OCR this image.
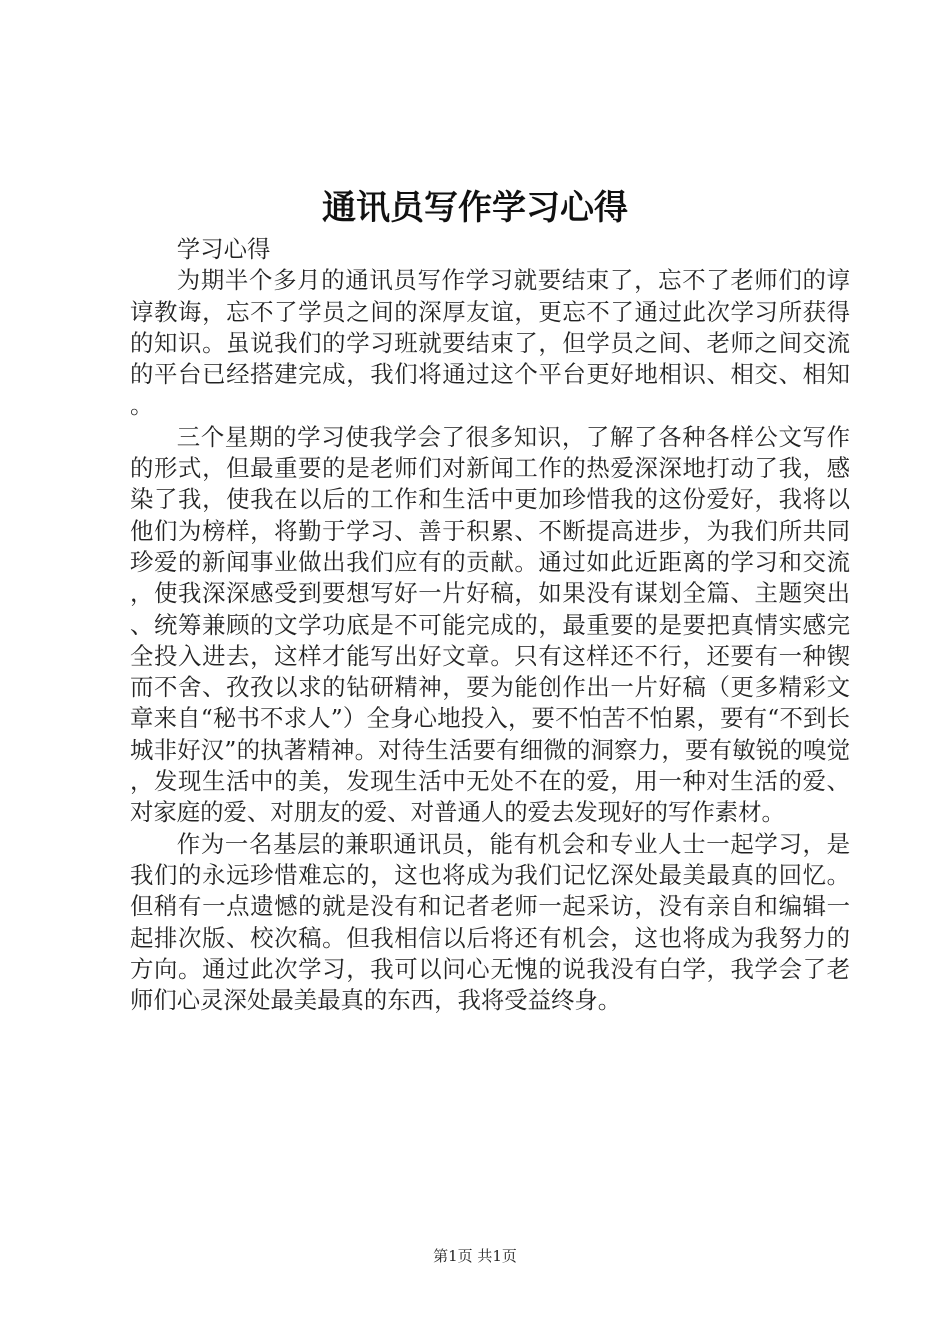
通讯员写作学习心得

学习心得

为期半个多月的通讯员写作学习就要结束了，忘不了老师们的谆谆教诲，忘不了学员之间的深厚友谊，更忘不了通过此次学习所获得的知识。虽说我们的学习班就要结束了，但学员之间、老师之间交流的平台已经搭建完成，我们将通过这个平台更好地相识、相交、相知。

三个星期的学习使我学会了很多知识，了解了各种各样公文写作的形式，但最重要的是老师们对新闻工作的热爱深深地打动了我，感染了我，使我在以后的工作和生活中更加珍惜我的这份爱好，我将以他们为榜样，将勤于学习、善于积累、不断提高进步，为我们所共同珍爱的新闻事业做出我们应有的贡献。通过如此近距离的学习和交流，使我深深感受到要想写好一片好稿，如果没有谋划全篇、主题突出、统筹兼顾的文学功底是不可能完成的，最重要的是要把真情实感完全投入进去，这样才能写出好文章。只有这样还不行，还要有一种锲而不舍、孜孜以求的钻研精神，要为能创作出一片好稿（更多精彩文章来自“秘书不求人”）全身心地投入，要不怕苦不怕累，要有“不到长城非好汉”的执著精神。对待生活要有细微的洞察力，要有敏锐的嗅觉，发现生活中的美，发现生活中无处不在的爱，用一种对生活的爱、对家庭的爱、对朋友的爱、对普通人的爱去发现好的写作素材。

作为一名基层的兼职通讯员，能有机会和专业人士一起学习，是我们的永远珍惜难忘的，这也将成为我们记忆深处最美最真的回忆。但稍有一点遗憾的就是没有和记者老师一起采访，没有亲自和编辑一起排次版、校次稿。但我相信以后将还有机会，这也将成为我努力的方向。通过此次学习，我可以问心无愧的说我没有白学，我学会了老师们心灵深处最美最真的东西，我将受益终身。

第1页 共1页
